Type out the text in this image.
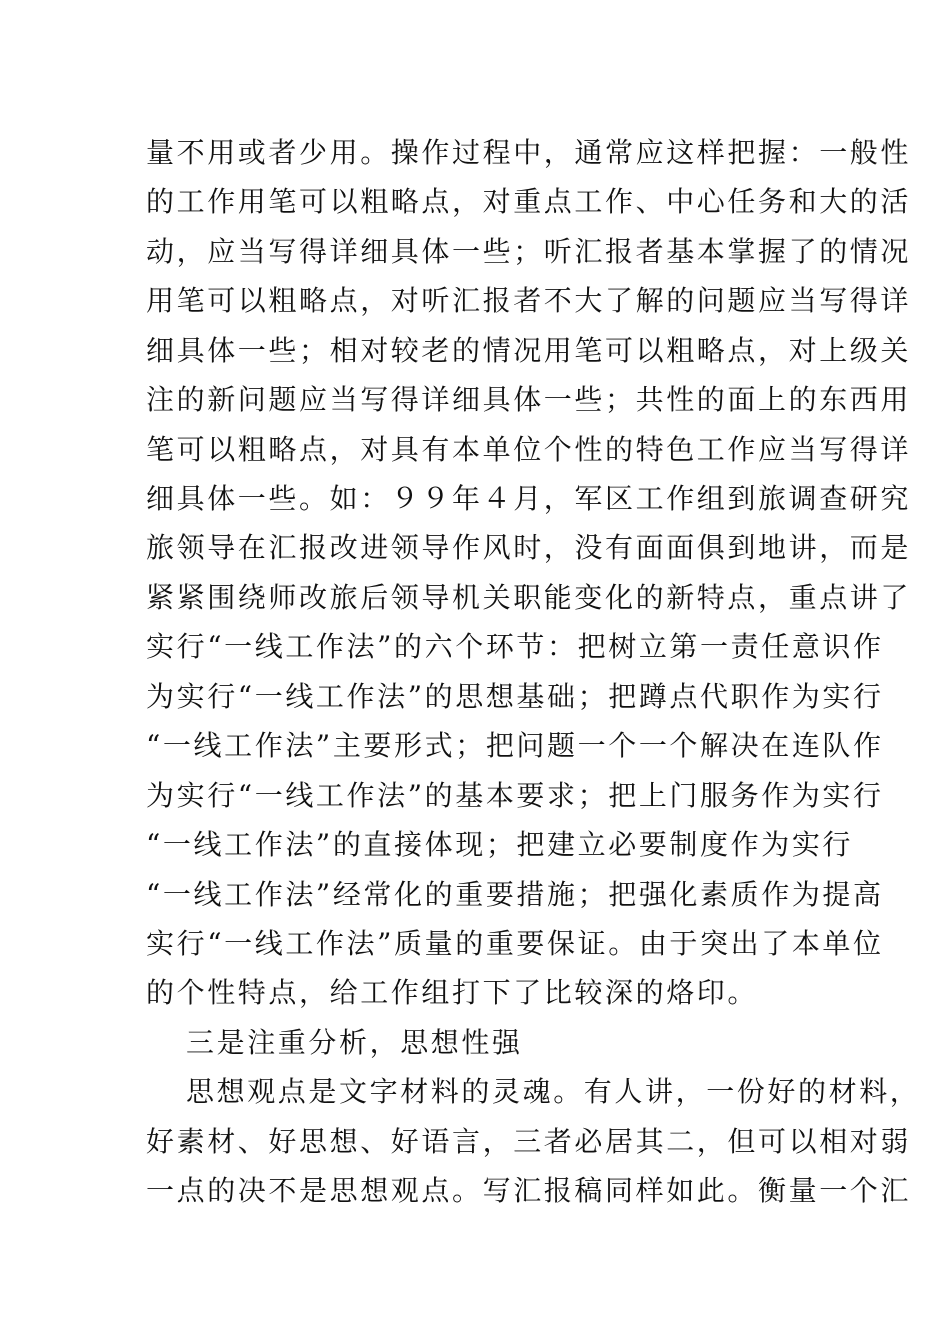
量不用或者少用。操作过程中，通常应这样把握：一般性
的工作用笔可以粗略点，对重点工作、中心任务和大的活
动，应当写得详细具体一些；听汇报者基本掌握了的情况
用笔可以粗略点，对听汇报者不大了解的问题应当写得详
细具体一些；相对较老的情况用笔可以粗略点，对上级关
注的新问题应当写得详细具体一些；共性的面上的东西用
笔可以粗略点，对具有本单位个性的特色工作应当写得详
细具体一些。如：９９年４月，军区工作组到旅调查研究
旅领导在汇报改进领导作风时，没有面面俱到地讲，而是
紧紧围绕师改旅后领导机关职能变化的新特点，重点讲了
实行“一线工作法”的六个环节：把树立第一责任意识作
为实行“一线工作法”的思想基础；把蹲点代职作为实行
“一线工作法”主要形式；把问题一个一个解决在连队作
为实行“一线工作法”的基本要求；把上门服务作为实行
“一线工作法”的直接体现；把建立必要制度作为实行
“一线工作法”经常化的重要措施；把强化素质作为提高
实行“一线工作法”质量的重要保证。由于突出了本单位
的个性特点，给工作组打下了比较深的烙印。
三是注重分析，思想性强
思想观点是文字材料的灵魂。有人讲，一份好的材料，
好素材、好思想、好语言，三者必居其二，但可以相对弱
一点的决不是思想观点。写汇报稿同样如此。衡量一个汇
